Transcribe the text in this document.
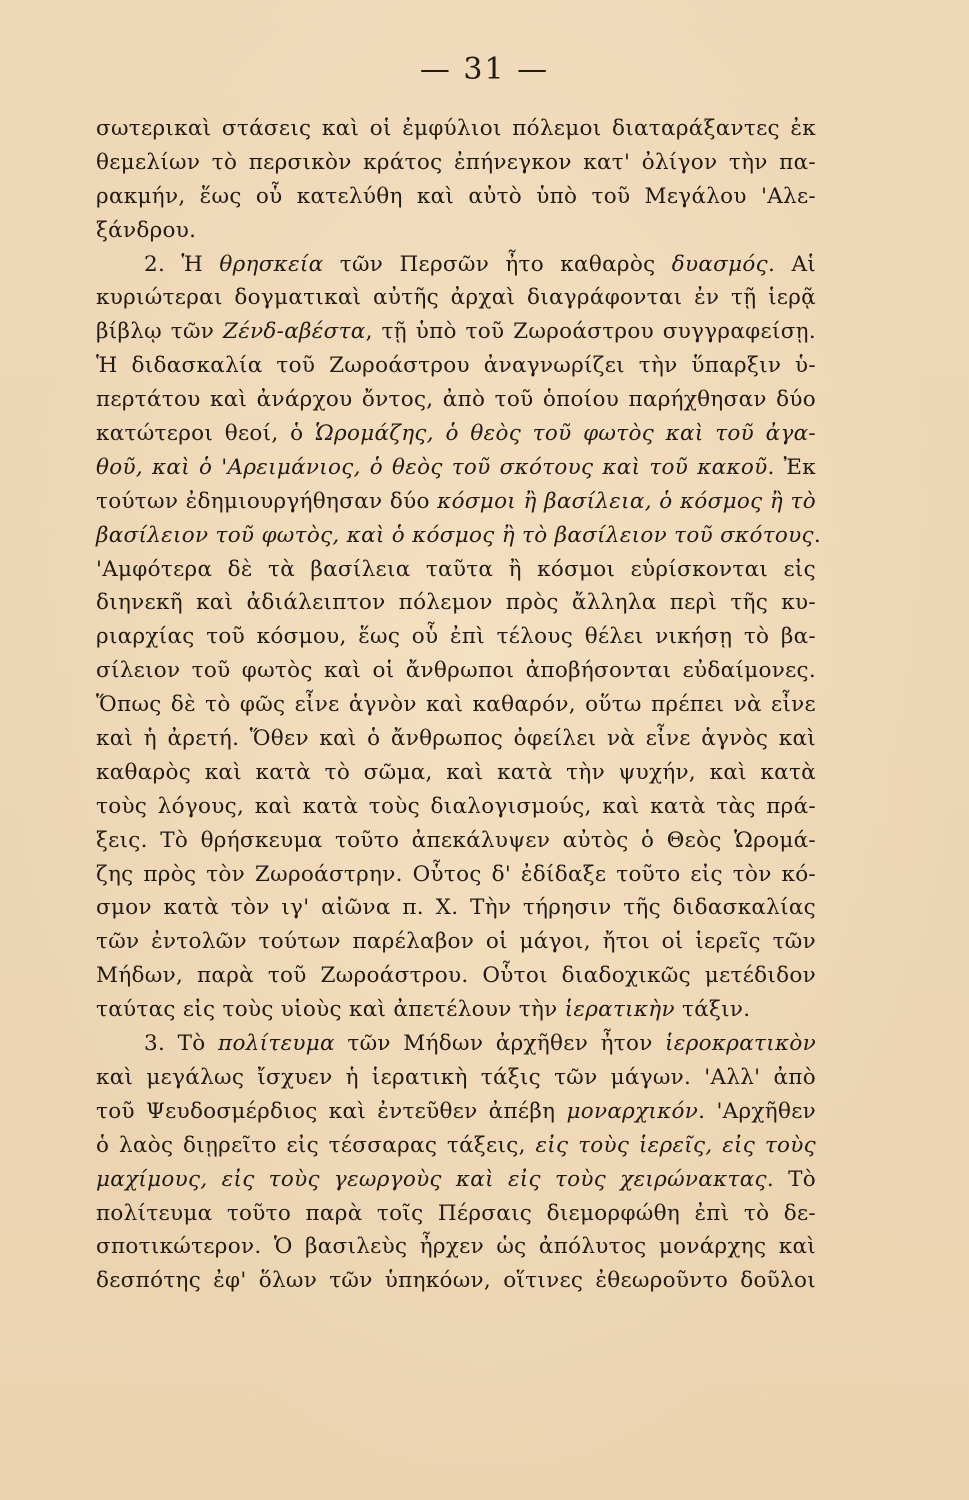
— 31 —
σωτερικαὶ στάσεις καὶ οἱ ἐμφύλιοι πόλεμοι διαταράξαντες ἐκ
θεμελίων τὸ περσικὸν κράτος ἐπήνεγκον κατ' ὀλίγον τὴν πα-
ρακμήν, ἕως οὗ κατελύθη καὶ αὐτὸ ὑπὸ τοῦ Μεγάλου 'Αλε-
ξάνδρου.
2. Ἡ θρησκεία τῶν Περσῶν ἦτο καθαρὸς δυασμός. Αἱ
κυριώτεραι δογματικαὶ αὐτῆς ἀρχαὶ διαγράφονται ἐν τῇ ἱερᾷ
βίβλῳ τῶν Ζένδ-αβέστα, τῇ ὑπὸ τοῦ Ζωροάστρου συγγραφείσῃ.
Ἡ διδασκαλία τοῦ Ζωροάστρου ἀναγνωρίζει τὴν ὕπαρξιν ὑ-
περτάτου καὶ ἀνάρχου ὄντος, ἀπὸ τοῦ ὁποίου παρήχθησαν δύο
κατώτεροι θεοί, ὁ Ὡρομάζης, ὁ θεὸς τοῦ φωτὸς καὶ τοῦ ἀγα-
θοῦ, καὶ ὁ 'Αρειμάνιος, ὁ θεὸς τοῦ σκότους καὶ τοῦ κακοῦ. Ἐκ
τούτων ἐδημιουργήθησαν δύο κόσμοι ἢ βασίλεια, ὁ κόσμος ἢ τὸ
βασίλειον τοῦ φωτὸς, καὶ ὁ κόσμος ἢ τὸ βασίλειον τοῦ σκότους.
'Αμφότερα δὲ τὰ βασίλεια ταῦτα ἢ κόσμοι εὑρίσκονται εἰς
διηνεκῆ καὶ ἀδιάλειπτον πόλεμον πρὸς ἄλληλα περὶ τῆς κυ-
ριαρχίας τοῦ κόσμου, ἕως οὗ ἐπὶ τέλους θέλει νικήσῃ τὸ βα-
σίλειον τοῦ φωτὸς καὶ οἱ ἄνθρωποι ἀποβήσονται εὐδαίμονες.
Ὅπως δὲ τὸ φῶς εἶνε ἁγνὸν καὶ καθαρόν, οὕτω πρέπει νὰ εἶνε
καὶ ἡ ἀρετή. Ὅθεν καὶ ὁ ἄνθρωπος ὀφείλει νὰ εἶνε ἁγνὸς καὶ
καθαρὸς καὶ κατὰ τὸ σῶμα, καὶ κατὰ τὴν ψυχήν, καὶ κατὰ
τοὺς λόγους, καὶ κατὰ τοὺς διαλογισμούς, καὶ κατὰ τὰς πρά-
ξεις. Τὸ θρήσκευμα τοῦτο ἀπεκάλυψεν αὐτὸς ὁ Θεὸς Ὡρομά-
ζης πρὸς τὸν Ζωροάστρην. Οὗτος δ' ἐδίδαξε τοῦτο εἰς τὸν κό-
σμον κατὰ τὸν ιγ' αἰῶνα π. Χ. Τὴν τήρησιν τῆς διδασκαλίας
τῶν ἐντολῶν τούτων παρέλαβον οἱ μάγοι, ἤτοι οἱ ἱερεῖς τῶν
Μήδων, παρὰ τοῦ Ζωροάστρου. Οὗτοι διαδοχικῶς μετέδιδον
ταύτας εἰς τοὺς υἱοὺς καὶ ἀπετέλουν τὴν ἱερατικὴν τάξιν.
3. Τὸ πολίτευμα τῶν Μήδων ἀρχῆθεν ἦτον ἱεροκρατικὸν
καὶ μεγάλως ἴσχυεν ἡ ἱερατικὴ τάξις τῶν μάγων. 'Αλλ' ἀπὸ
τοῦ Ψευδοσμέρδιος καὶ ἐντεῦθεν ἀπέβη μοναρχικόν. 'Αρχῆθεν
ὁ λαὸς διῃρεῖτο εἰς τέσσαρας τάξεις, εἰς τοὺς ἱερεῖς, εἰς τοὺς
μαχίμους, εἰς τοὺς γεωργοὺς καὶ εἰς τοὺς χειρώνακτας. Τὸ
πολίτευμα τοῦτο παρὰ τοῖς Πέρσαις διεμορφώθη ἐπὶ τὸ δε-
σποτικώτερον. Ὁ βασιλεὺς ἦρχεν ὡς ἀπόλυτος μονάρχης καὶ
δεσπότης ἐφ' ὅλων τῶν ὑπηκόων, οἵτινες ἐθεωροῦντο δοῦλοι
